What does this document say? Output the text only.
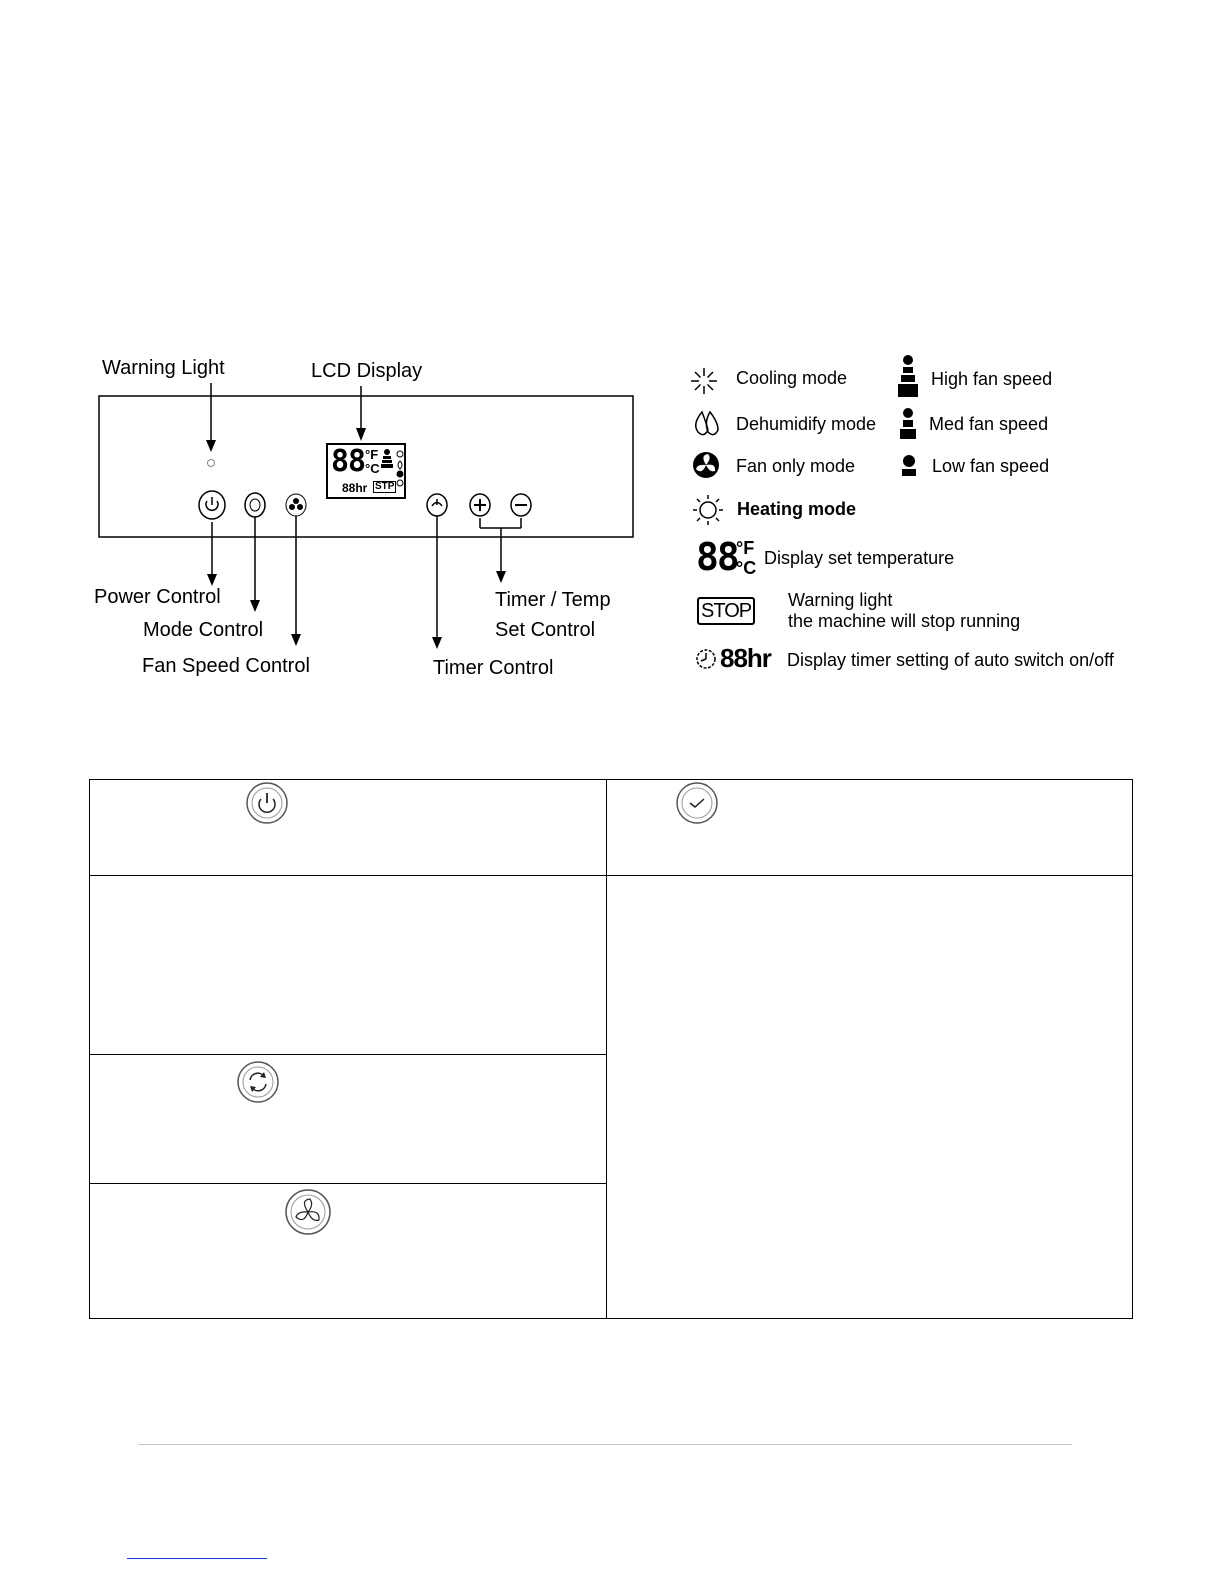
Warning Light	LCD Display
88 °F
°C
88hr STP
Power Control
Mode Control
Fan Speed Control	Timer Control
Timer / Temp
Set Control
Cooling mode
Dehumidify mode
Fan only mode
Heating mode
High fan speed
Med fan speed
Low fan speed
88
°F
°C Display set temperature
STOP Warning light
the machine will stop running
88hr Display timer setting of auto switch on/off
